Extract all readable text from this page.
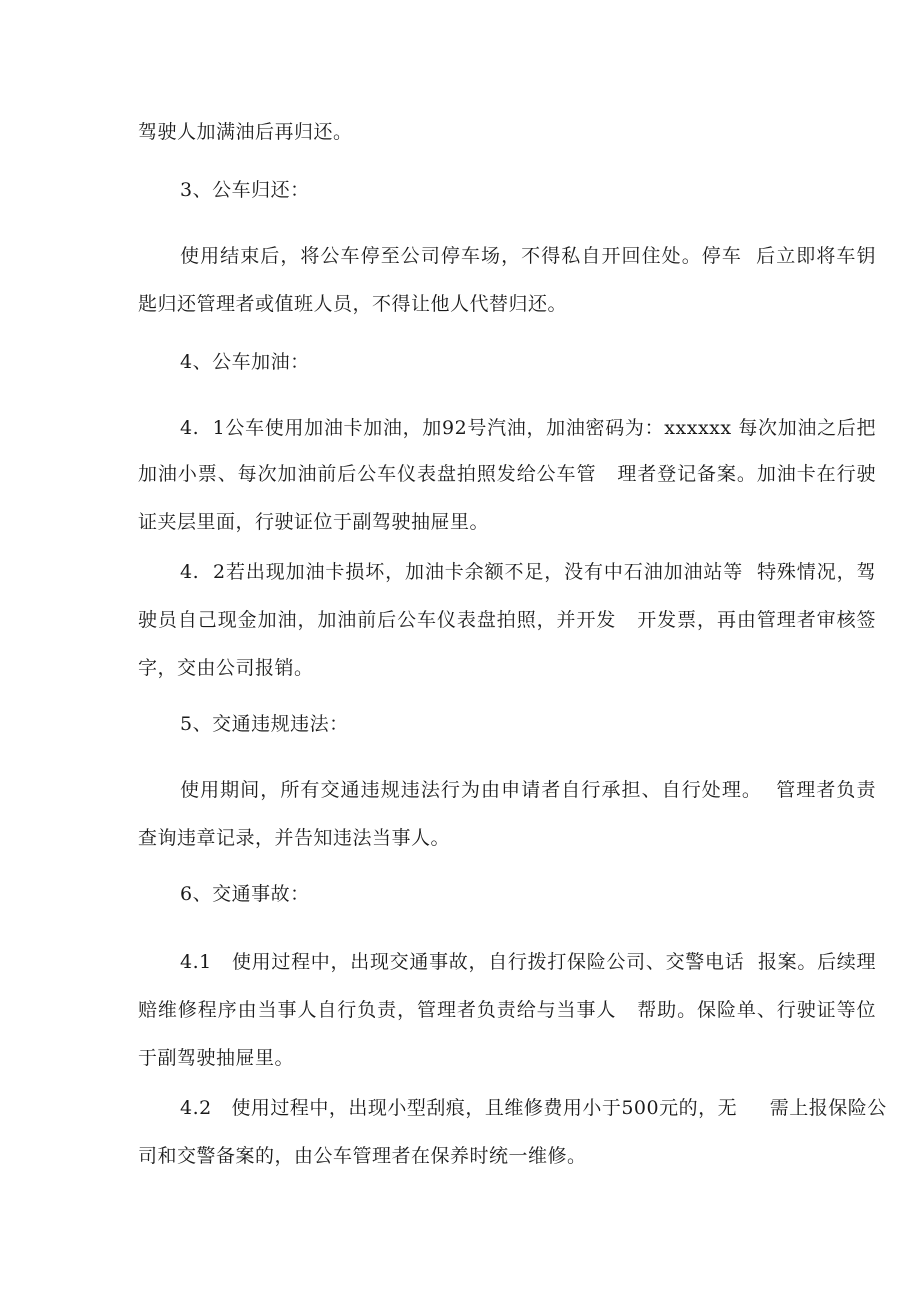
驾驶人加满油后再归还。
3、公车归还：
使用结束后，将公车停至公司停车场，不得私自开回住处。停车  后立即将车钥
匙归还管理者或值班人员，不得让他人代替归还。
4、公车加油：
4.  1公车使用加油卡加油，加92号汽油，加油密码为：xxxxxx 每次加油之后把
加油小票、每次加油前后公车仪表盘拍照发给公车管   理者登记备案。加油卡在行驶
证夹层里面，行驶证位于副驾驶抽屉里。
4.  2若出现加油卡损坏，加油卡余额不足，没有中石油加油站等  特殊情况，驾
驶员自己现金加油，加油前后公车仪表盘拍照，并开发   开发票，再由管理者审核签
字，交由公司报销。
5、交通违规违法：
使用期间，所有交通违规违法行为由申请者自行承担、自行处理。  管理者负责
查询违章记录，并告知违法当事人。
6、交通事故：
4.1   使用过程中，出现交通事故，自行拨打保险公司、交警电话  报案。后续理
赔维修程序由当事人自行负责，管理者负责给与当事人   帮助。保险单、行驶证等位
于副驾驶抽屉里。
4.2   使用过程中，出现小型刮痕，且维修费用小于500元的，无     需上报保险公
司和交警备案的，由公车管理者在保养时统一维修。
